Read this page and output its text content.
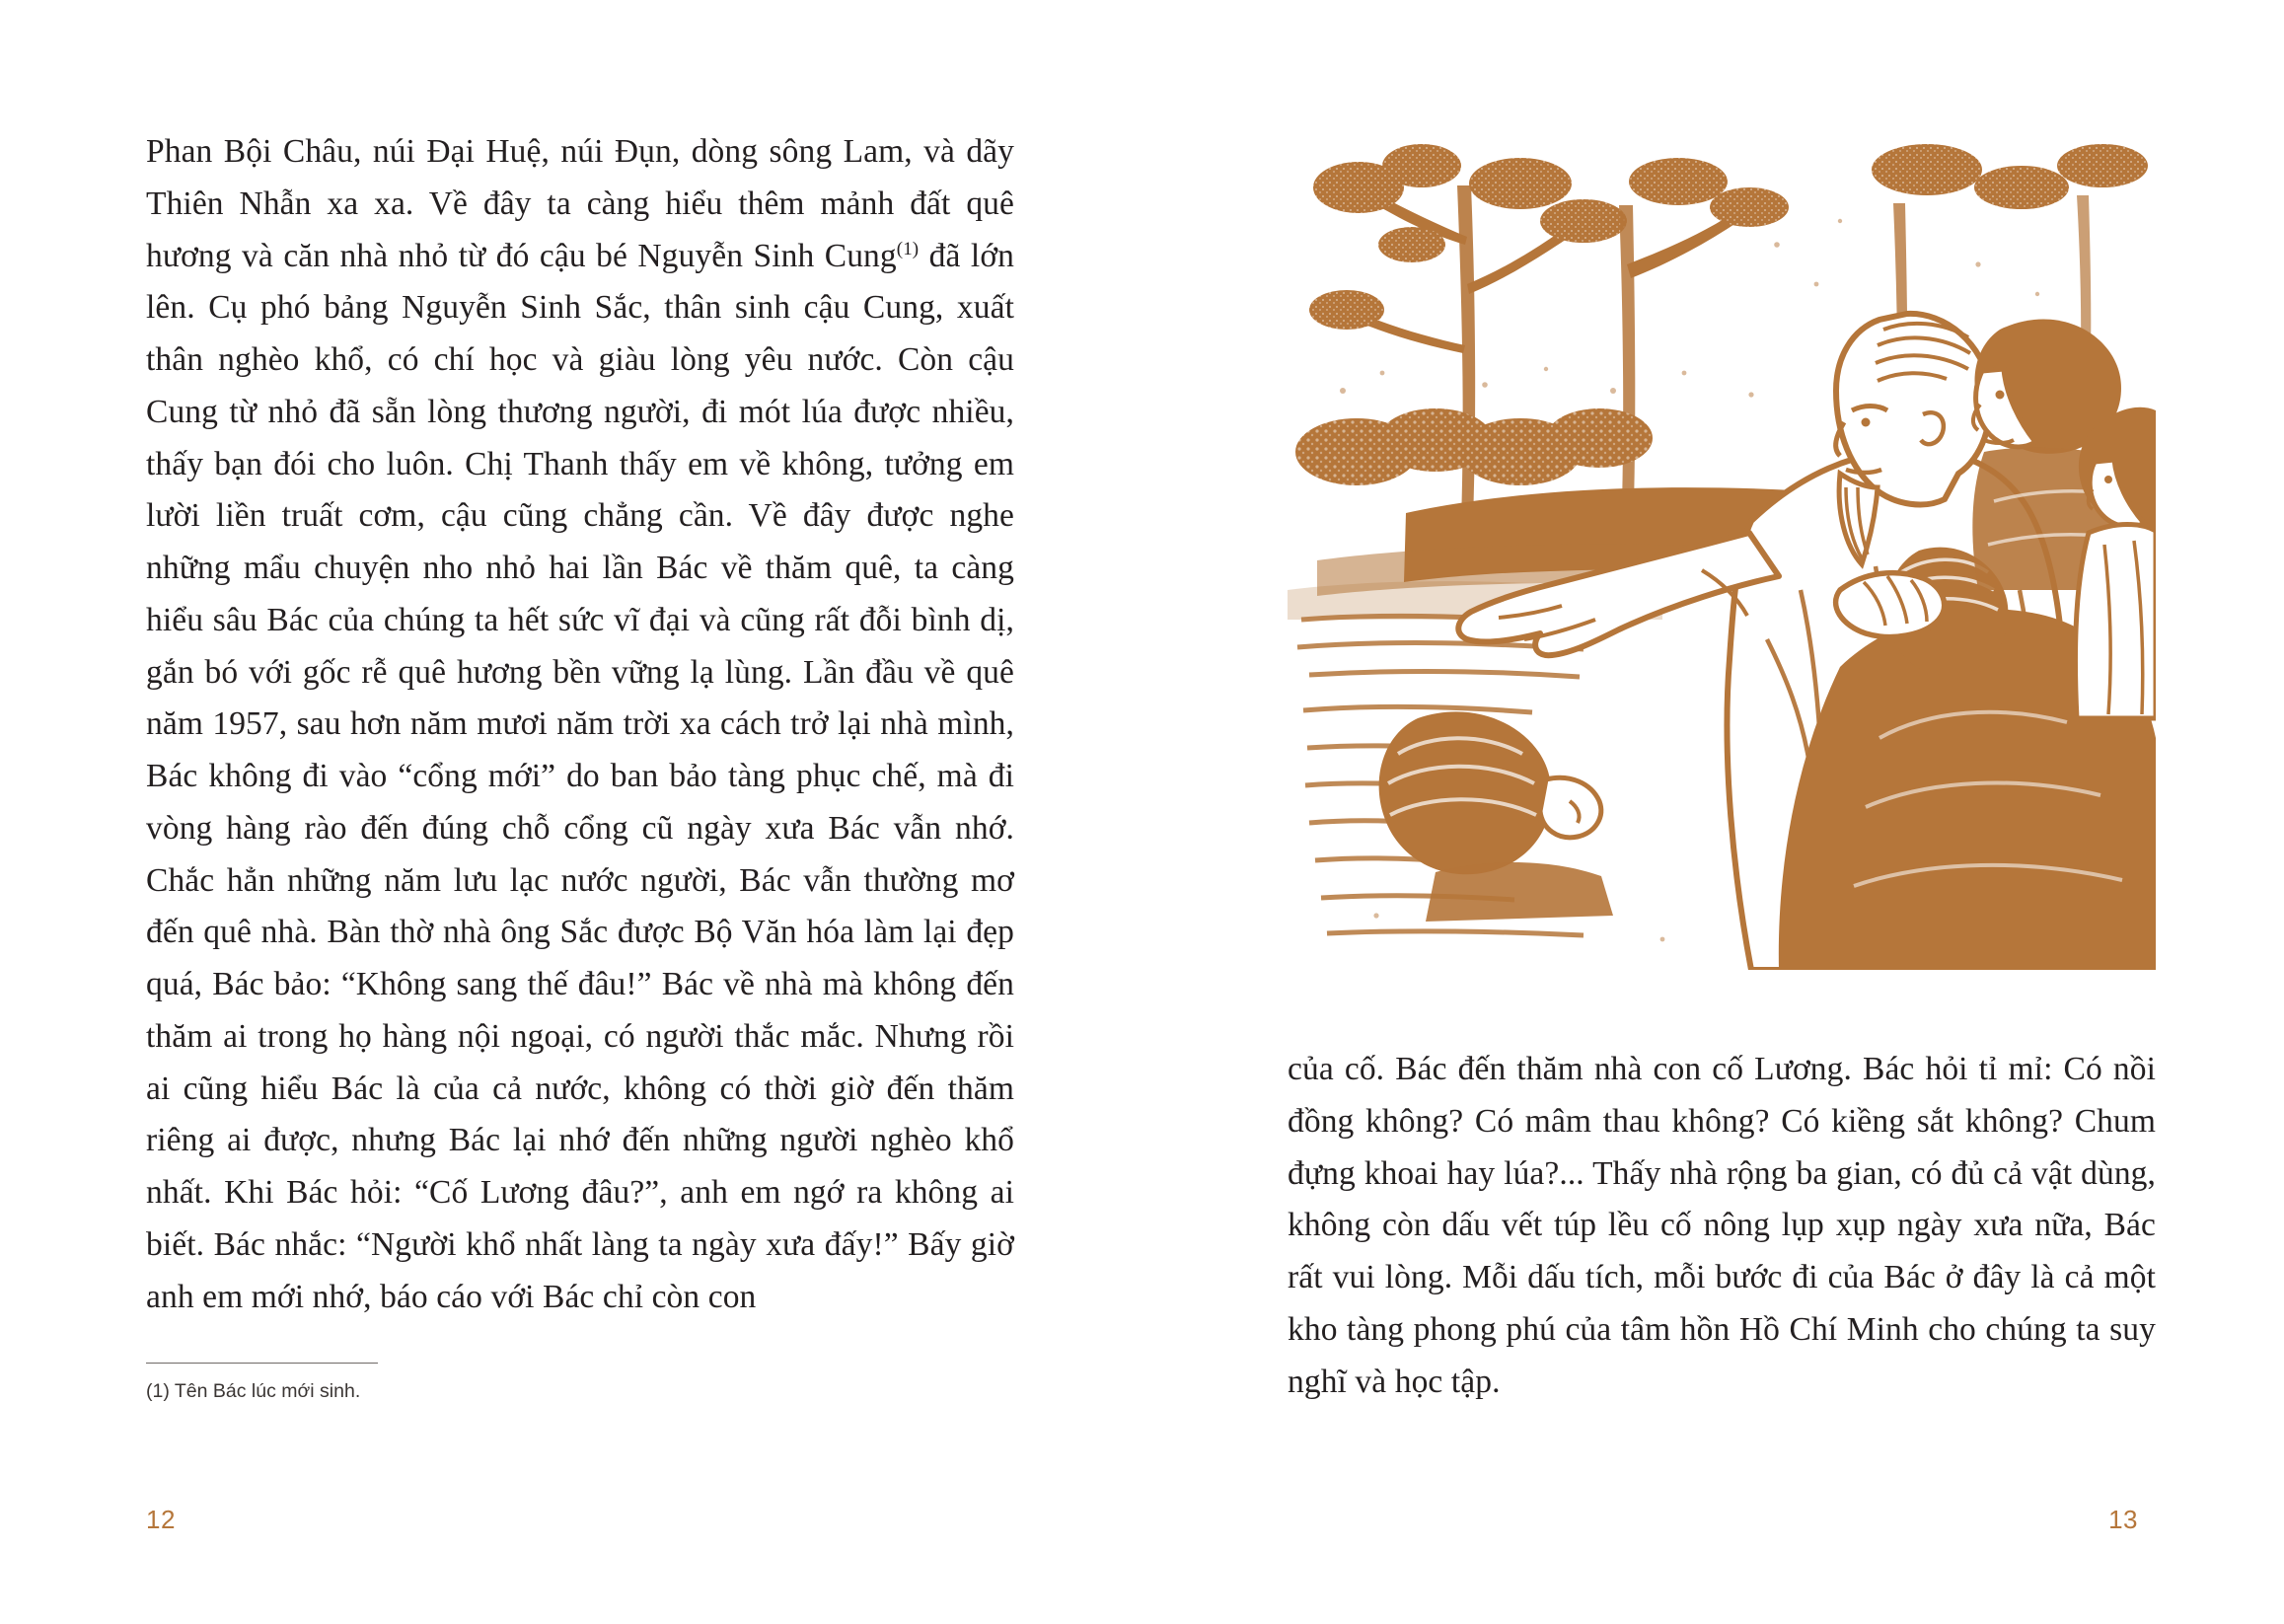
Phan Bội Châu, núi Đại Huệ, núi Đụn, dòng sông Lam, và dãy Thiên Nhẫn xa xa. Về đây ta càng hiểu thêm mảnh đất quê hương và căn nhà nhỏ từ đó cậu bé Nguyễn Sinh Cung$^{(1)}$ đã lớn lên. Cụ phó bảng Nguyễn Sinh Sắc, thân sinh cậu Cung, xuất thân nghèo khổ, có chí học và giàu lòng yêu nước. Còn cậu Cung từ nhỏ đã sẵn lòng thương người, đi mót lúa được nhiều, thấy bạn đói cho luôn. Chị Thanh thấy em về không, tưởng em lười liền truất cơm, cậu cũng chẳng cần. Về đây được nghe những mẩu chuyện nho nhỏ hai lần Bác về thăm quê, ta càng hiểu sâu Bác của chúng ta hết sức vĩ đại và cũng rất đỗi bình dị, gắn bó với gốc rễ quê hương bền vững lạ lùng. Lần đầu về quê năm 1957, sau hơn năm mươi năm trời xa cách trở lại nhà mình, Bác không đi vào “cổng mới” do ban bảo tàng phục chế, mà đi vòng hàng rào đến đúng chỗ cổng cũ ngày xưa Bác vẫn nhớ. Chắc hẳn những năm lưu lạc nước người, Bác vẫn thường mơ đến quê nhà. Bàn thờ nhà ông Sắc được Bộ Văn hóa làm lại đẹp quá, Bác bảo: “Không sang thế đâu!” Bác về nhà mà không đến thăm ai trong họ hàng nội ngoại, có người thắc mắc. Nhưng rồi ai cũng hiểu Bác là của cả nước, không có thời giờ đến thăm riêng ai được, nhưng Bác lại nhớ đến những người nghèo khổ nhất. Khi Bác hỏi: “Cố Lương đâu?”, anh em ngớ ra không ai biết. Bác nhắc: “Người khổ nhất làng ta ngày xưa đấy!” Bấy giờ anh em mới nhớ, báo cáo với Bác chỉ còn con
(1) Tên Bác lúc mới sinh.
12
của cố. Bác đến thăm nhà con cố Lương. Bác hỏi tỉ mỉ: Có nồi đồng không? Có mâm thau không? Có kiềng sắt không? Chum đựng khoai hay lúa?... Thấy nhà rộng ba gian, có đủ cả vật dùng, không còn dấu vết túp lều cố nông lụp xụp ngày xưa nữa, Bác rất vui lòng. Mỗi dấu tích, mỗi bước đi của Bác ở đây là cả một kho tàng phong phú của tâm hồn Hồ Chí Minh cho chúng ta suy nghĩ và học tập.
13
